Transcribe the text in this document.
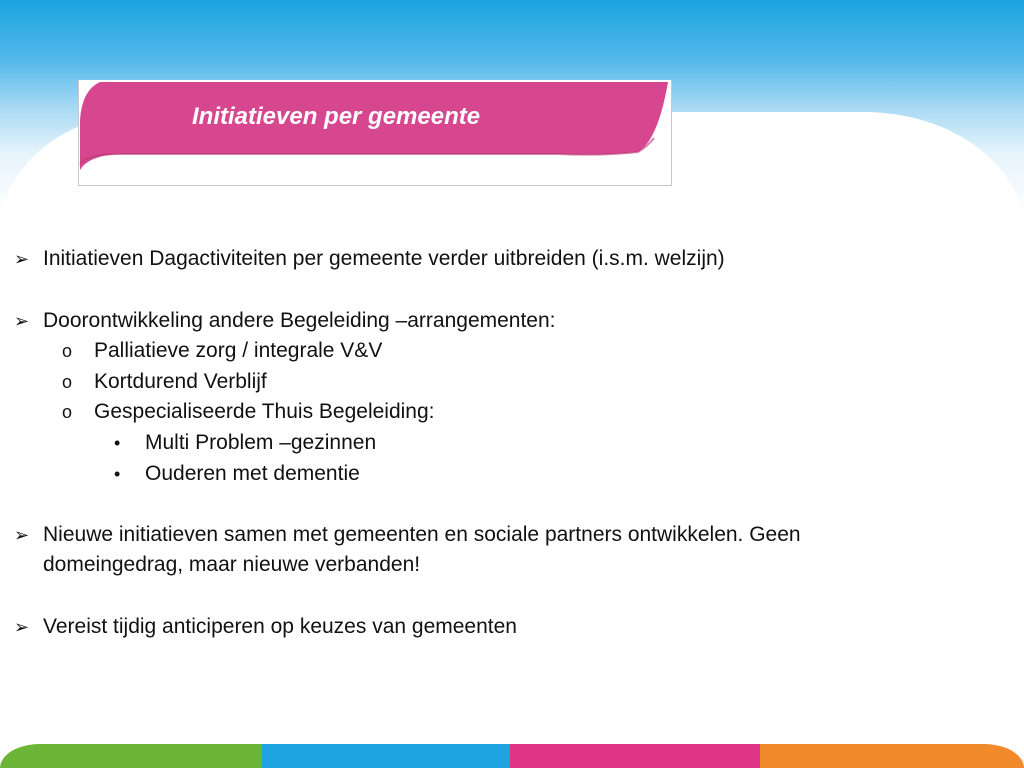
Initiatieven per gemeente
➢ Initiatieven Dagactiviteiten per gemeente verder uitbreiden (i.s.m. welzijn)
➢ Doorontwikkeling andere Begeleiding –arrangementen:
o Palliatieve zorg / integrale V&V
o Kortdurend Verblijf
o Gespecialiseerde Thuis Begeleiding:
• Multi Problem –gezinnen
• Ouderen met dementie
➢ Nieuwe initiatieven samen met gemeenten en sociale partners ontwikkelen. Geen
domeingedrag, maar nieuwe verbanden!
➢ Vereist tijdig anticiperen op keuzes van gemeenten
